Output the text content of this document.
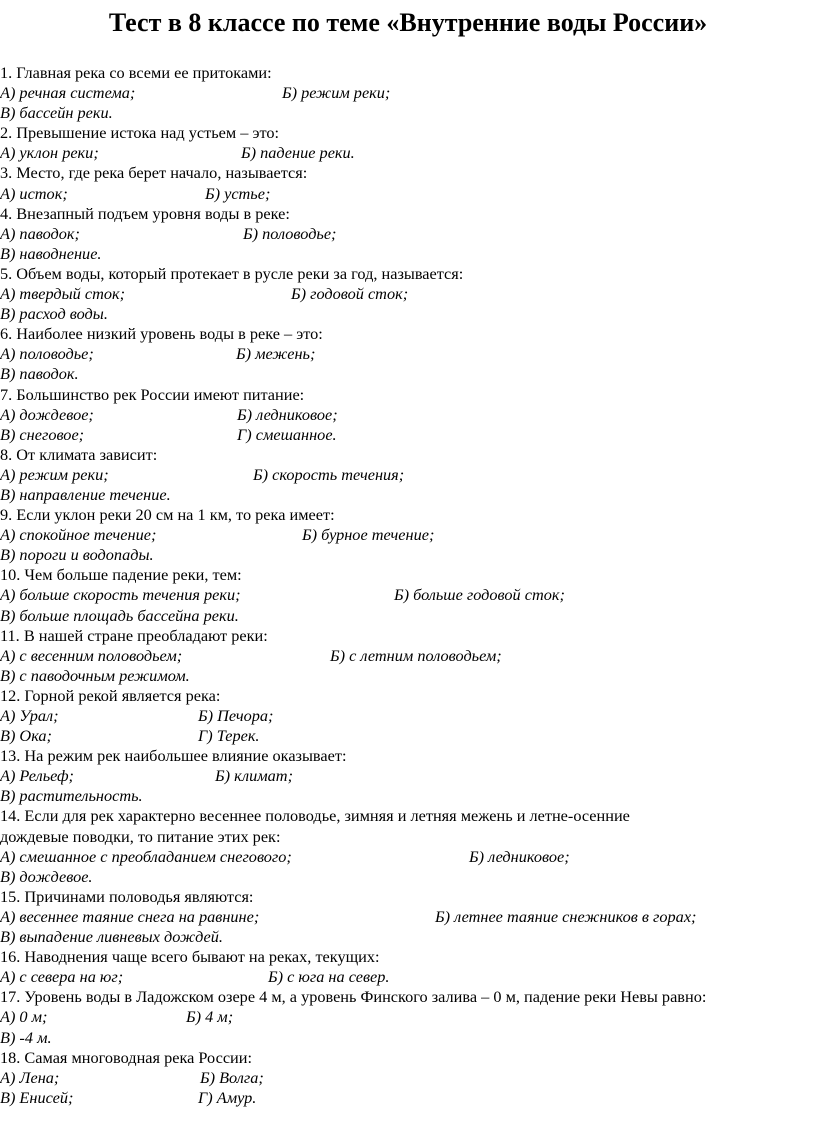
Тест в 8 классе по теме «Внутренние воды России»
1. Главная река со всеми ее притоками:
А) речная система;	Б) режим реки;
В) бассейн реки.
2. Превышение истока над устьем – это:
А) уклон реки;	Б) падение реки.
3. Место, где река берет начало, называется:
А) исток;	Б) устье;
4. Внезапный подъем уровня воды в реке:
А) паводок;	Б) половодье;
В) наводнение.
5. Объем воды, который протекает в русле реки за год, называется:
А) твердый сток;	Б) годовой сток;
В) расход воды.
6. Наиболее низкий уровень воды в реке – это:
А) половодье;	Б) межень;
В) паводок.
7. Большинство рек России имеют питание:
А) дождевое;	Б) ледниковое;
В) снеговое;	Г) смешанное.
8. От климата зависит:
А) режим реки;	Б) скорость течения;
В) направление течение.
9. Если уклон реки 20 см на 1 км, то река имеет:
А) спокойное течение;	Б) бурное течение;
В) пороги и водопады.
10. Чем больше падение реки, тем:
А) больше скорость течения реки;	Б) больше годовой сток;
В) больше площадь бассейна реки.
11. В нашей стране преобладают реки:
А) с весенним половодьем;	Б) с летним половодьем;
В) с паводочным режимом.
12. Горной рекой является река:
А) Урал;	Б) Печора;
В) Ока;	Г) Терек.
13. На режим рек наибольшее влияние оказывает:
А) Рельеф;	Б) климат;
В) растительность.
14. Если для рек характерно весеннее половодье, зимняя и летняя межень и летне-осенние
дождевые поводки, то питание этих рек:
А) смешанное с преобладанием снегового;	Б) ледниковое;
В) дождевое.
15. Причинами половодья являются:
А) весеннее таяние снега на равнине;	Б) летнее таяние снежников в горах;
В) выпадение ливневых дождей.
16. Наводнения чаще всего бывают на реках, текущих:
А) с севера на юг;	Б) с юга на север.
17. Уровень воды в Ладожском озере 4 м, а уровень Финского залива – 0 м, падение реки Невы равно:
А) 0 м;	Б) 4 м;
В) -4 м.
18. Самая многоводная река России:
А) Лена;	Б) Волга;
В) Енисей;	Г) Амур.
